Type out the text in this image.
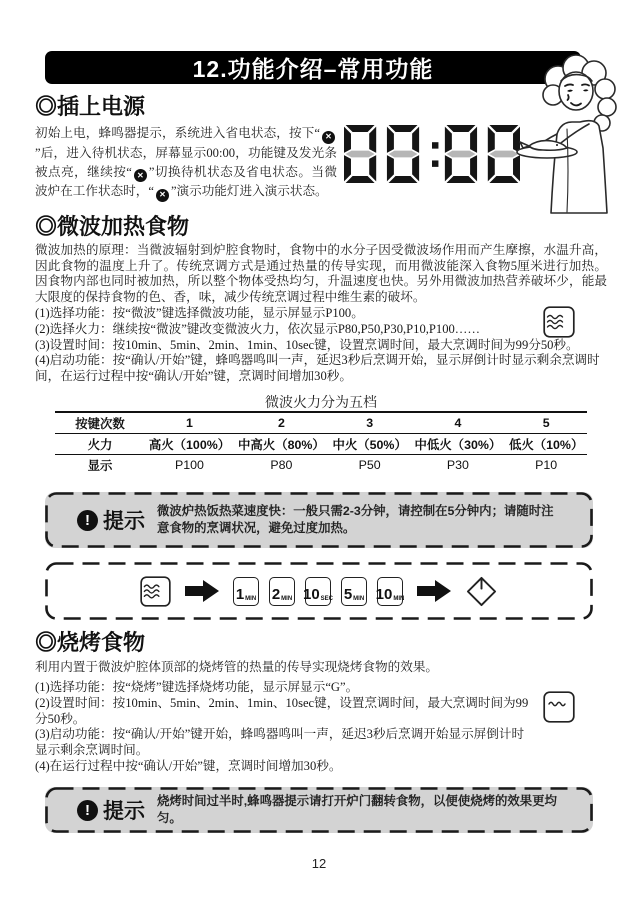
12.功能介绍–常用功能
◎插上电源

初始上电，蜂鸣器提示，系统进入省电状态，按下“ ✕
”后，进入待机状态，屏幕显示00:00，功能键及发光条被点亮，继续按“ ✕ ”切换待机状态及省电状态。当微波炉在工作状态时，“ ✕ ”演示功能灯进入演示状态。

◎微波加热食物

微波加热的原理：当微波辐射到炉腔食物时，食物中的水分子因受微波场作用而产生摩擦，水温升高，因此食物的温度上升了。传统烹调方式是通过热量的传导实现，而用微波能深入食物5厘米进行加热。因食物内部也同时被加热，所以整个物体受热均匀，升温速度也快。另外用微波加热营养破坏少，能最大限度的保持食物的色、香，味，减少传统烹调过程中维生素的破坏。

(1)选择功能：按“微波”键选择微波功能，显示屏显示P100。

(2)选择火力：继续按“微波”键改变微波火力，依次显示P80,P50,P30,P10,P100……

(3)设置时间：按10min、5min、2min、1min、10sec键，设置烹调时间，最大烹调时间为99分50秒。

(4)启动功能：按“确认/开始”键，蜂鸣器鸣叫一声，延迟3秒后烹调开始，显示屏倒计时显示剩余烹调时间，在运行过程中按“确认/开始”键，烹调时间增加30秒。

微波火力分为五档
按键次数	1	2	3	4	5
火力	高火（100%）	中高火（80%）	中火（50%）	中低火（30%）	低火（10%）
显示	P100	P80	P50	P30	P10
! 提示 微波炉热饭热菜速度快：一般只需2-3分钟，请控制在5分钟内；请随时注意食物的烹调状况，避免过度加热。
1 MIN 2 MIN 10 SEC 5 MIN 10 MIN
◎烧烤食物

利用内置于微波炉腔体顶部的烧烤管的热量的传导实现烧烤食物的效果。

(1)选择功能：按“烧烤”键选择烧烤功能，显示屏显示“G”。

(2)设置时间：按10min、5min、2min、1min、10sec键，设置烹调时间，最大烹调时间为99分50秒。

(3)启动功能：按“确认/开始”键开始，蜂鸣器鸣叫一声，延迟3秒后烹调开始显示屏倒计时显示剩余烹调时间。

(4)在运行过程中按“确认/开始”键，烹调时间增加30秒。

! 提示 烧烤时间过半时,蜂鸣器提示请打开炉门翻转食物，以便使烧烤的效果更均匀。
12
